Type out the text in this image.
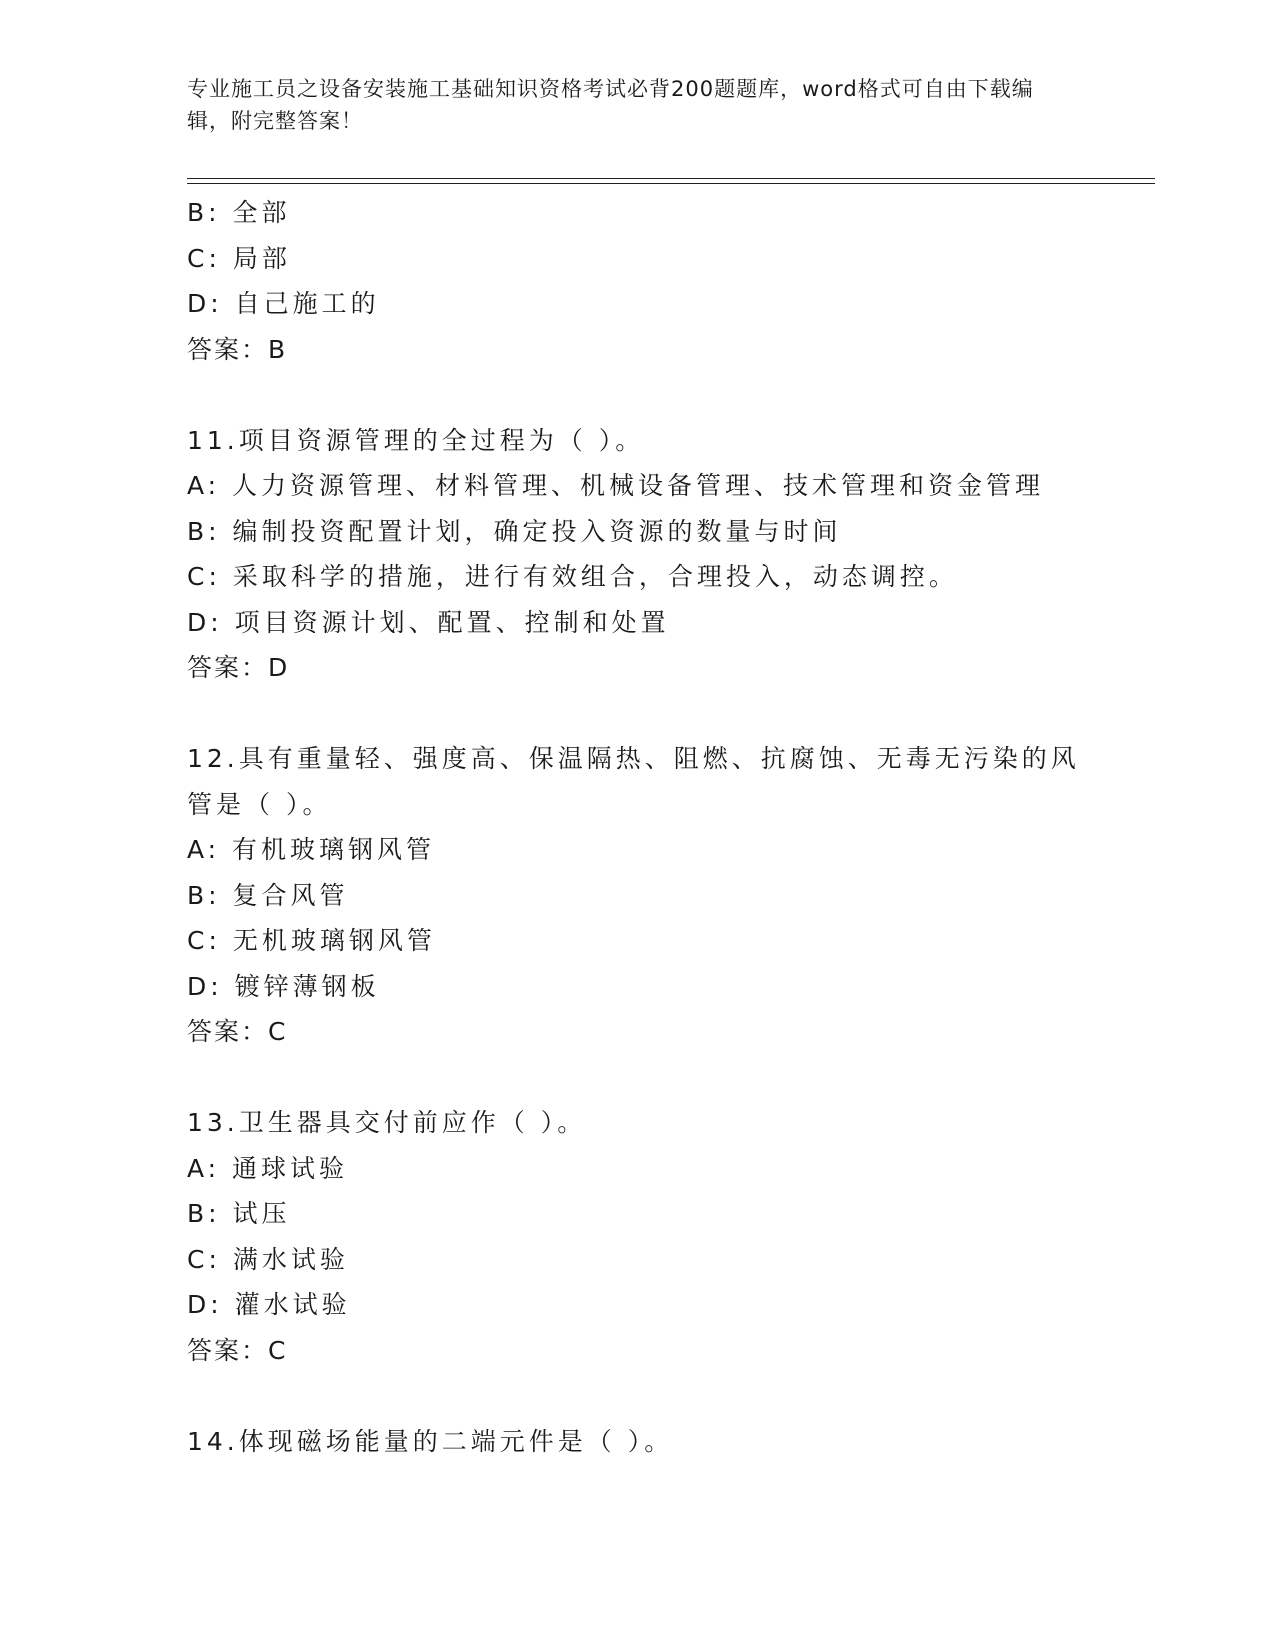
专业施工员之设备安装施工基础知识资格考试必背200题题库，word格式可自由下载编辑，附完整答案！
B: 全部
C: 局部
D: 自己施工的
答案：B
11.项目资源管理的全过程为（ ）。
A: 人力资源管理、材料管理、机械设备管理、技术管理和资金管理
B: 编制投资配置计划，确定投入资源的数量与时间
C: 采取科学的措施，进行有效组合，合理投入，动态调控。
D: 项目资源计划、配置、控制和处置
答案：D
12.具有重量轻、强度高、保温隔热、阻燃、抗腐蚀、无毒无污染的风
管是（ ）。
A: 有机玻璃钢风管
B: 复合风管
C: 无机玻璃钢风管
D: 镀锌薄钢板
答案：C
13.卫生器具交付前应作（ ）。
A: 通球试验
B: 试压
C: 满水试验
D: 灌水试验
答案：C
14.体现磁场能量的二端元件是（ ）。
